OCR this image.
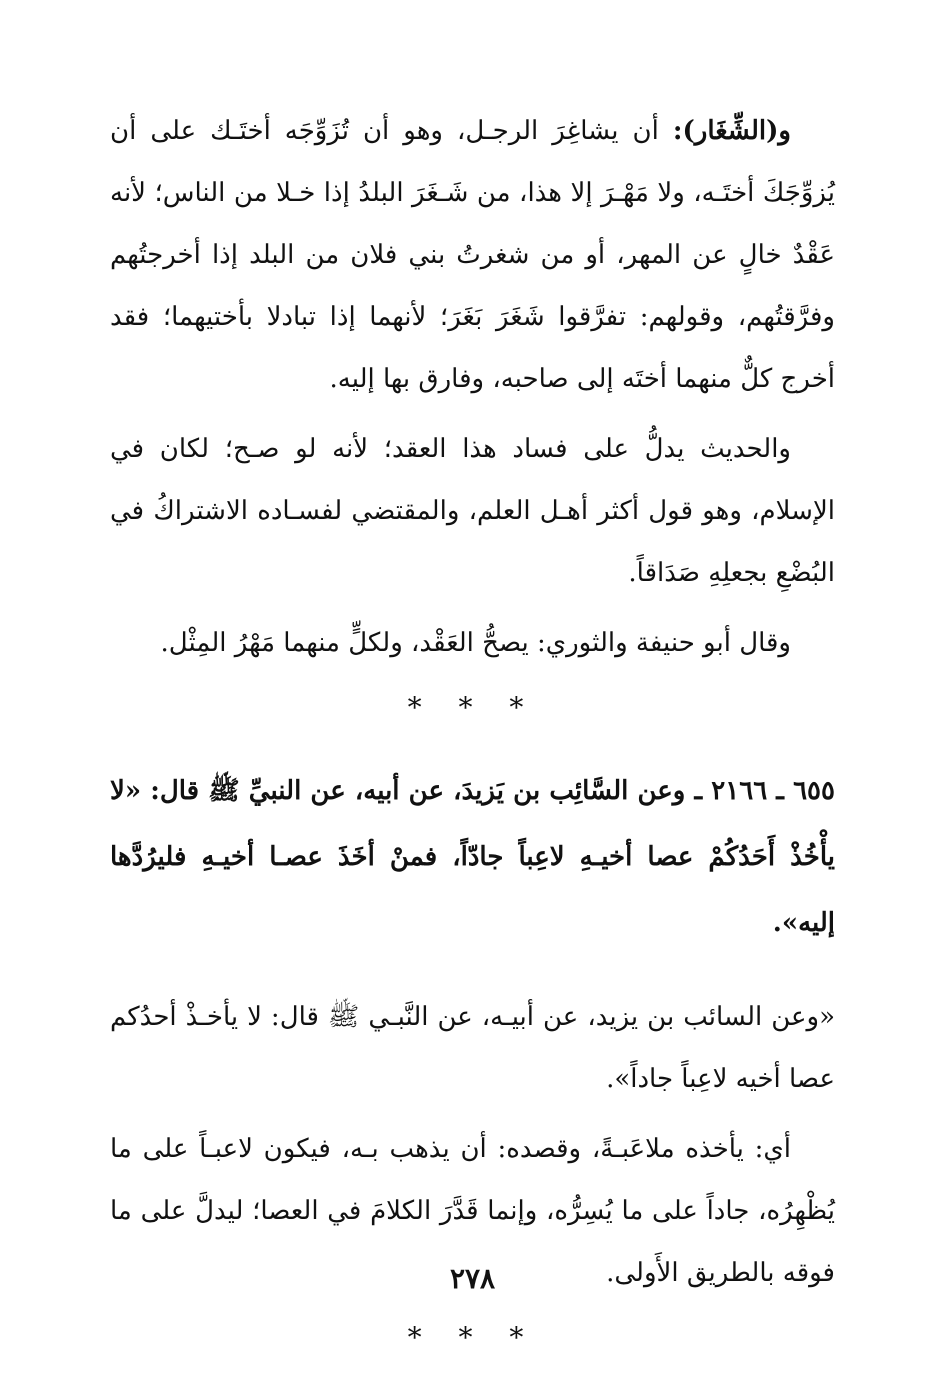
و(الشِّغَار): أن يشاغِرَ الرجـل، وهو أن تُزَوِّجَه أختَـك على أن يُزوِّجَكَ أختَـه، ولا مَهْـرَ إلا هذا، من شَـغَرَ البلدُ إذا خـلا من الناس؛ لأنه عَقْدٌ خالٍ عن المهر، أو من شغرتُ بني فلان من البلد إذا أخرجتُهم وفرَّقتُهم، وقولهم: تفرَّقوا شَغَرَ بَغَرَ؛ لأنهما إذا تبادلا بأختيهما؛ فقد أخرج كلٌّ منهما أختَه إلى صاحبه، وفارق بها إليه.

والحديث يدلُّ على فساد هذا العقد؛ لأنه لو صـح؛ لكان في الإسلام، وهو قول أكثر أهـل العلم، والمقتضي لفسـاده الاشتراكُ في البُضْعِ بجعلِهِ صَدَاقاً.

وقال أبو حنيفة والثوري: يصحُّ العَقْد، ولكلٍّ منهما مَهْرُ المِثْل.

* * *

٦٥٥ ـ ٢١٦٦ ـ وعن السَّائِب بن يَزيدَ، عن أبيه، عن النبيِّ ﷺ قال: «لا يأْخُذْ أَحَدُكُمْ عصا أخيـهِ لاعِباً جادّاً، فمنْ أخَذَ عصـا أخيـهِ فليرُدَّها إليه».

«وعن السائب بن يزيد، عن أبيـه، عن النَّبـي ﷺ قال: لا يأخـذْ أحدُكم عصا أخيه لاعِباً جاداً».

أي: يأخذه ملاعَبـةً، وقصده: أن يذهب بـه، فيكون لاعبـاً على ما يُظْهِرُه، جاداً على ما يُسِرُّه، وإنما قَدَّرَ الكلامَ في العصا؛ ليدلَّ على ما فوقه بالطريق الأَولى.

* * *
٢٧٨
